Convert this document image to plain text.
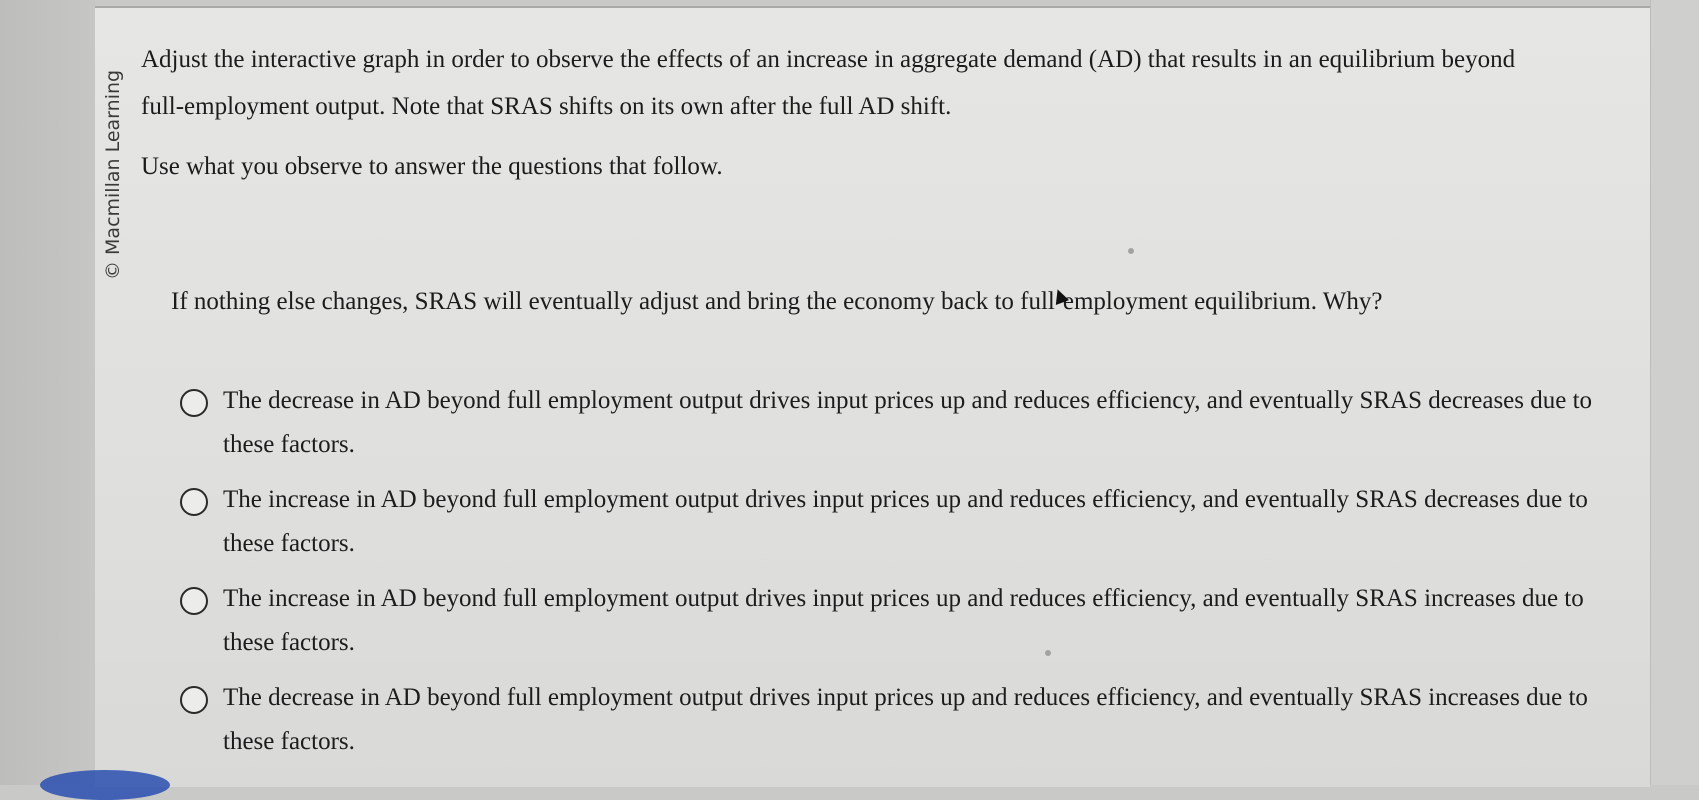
© Macmillan Learning

Adjust the interactive graph in order to observe the effects of an increase in aggregate demand (AD) that results in an equilibrium beyond full-employment output. Note that SRAS shifts on its own after the full AD shift.

Use what you observe to answer the questions that follow.

If nothing else changes, SRAS will eventually adjust and bring the economy back to full employment equilibrium. Why?
The decrease in AD beyond full employment output drives input prices up and reduces efficiency, and eventually SRAS decreases due to these factors.
The increase in AD beyond full employment output drives input prices up and reduces efficiency, and eventually SRAS decreases due to these factors.
The increase in AD beyond full employment output drives input prices up and reduces efficiency, and eventually SRAS increases due to these factors.
The decrease in AD beyond full employment output drives input prices up and reduces efficiency, and eventually SRAS increases due to these factors.
